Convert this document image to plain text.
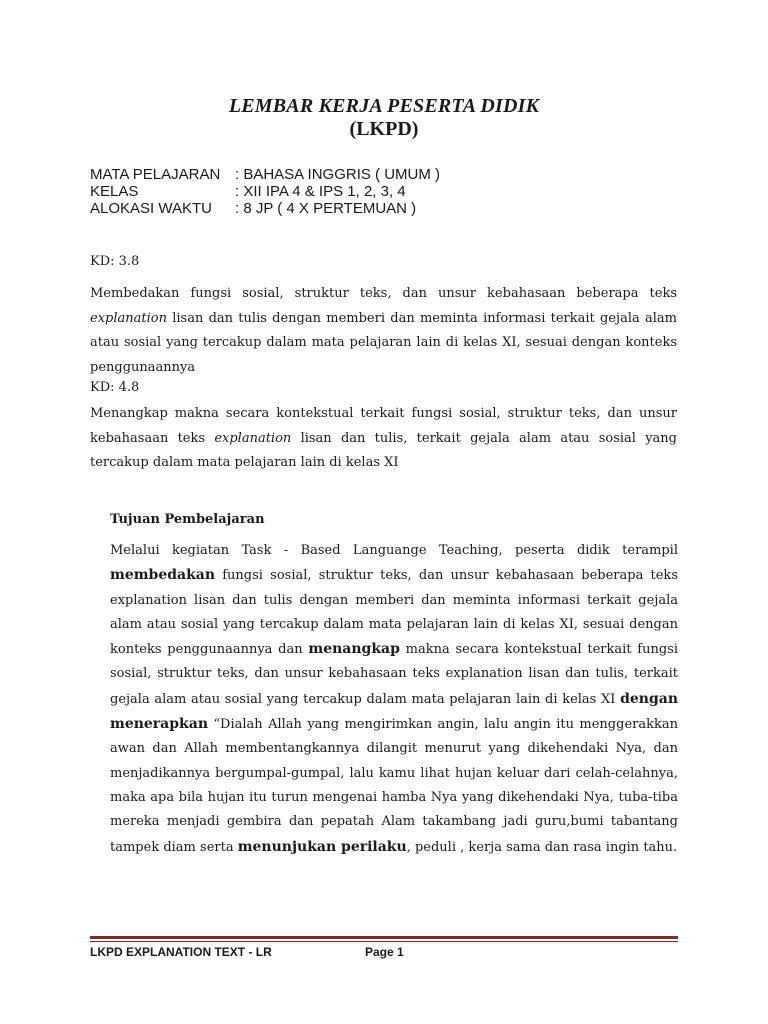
LEMBAR KERJA PESERTA DIDIK
(LKPD)
MATA PELAJARAN : BAHASA INGGRIS ( UMUM )
KELAS	: XII IPA 4 & IPS 1, 2, 3, 4
ALOKASI WAKTU	: 8 JP ( 4 X PERTEMUAN )
KD: 3.8
Membedakan fungsi sosial, struktur teks, dan unsur kebahasaan beberapa teks explanation lisan dan tulis dengan memberi dan meminta informasi terkait gejala alam atau sosial yang tercakup dalam mata pelajaran lain di kelas XI, sesuai dengan konteks penggunaannya
KD: 4.8
Menangkap makna secara kontekstual terkait fungsi sosial, struktur teks, dan unsur kebahasaan teks explanation lisan dan tulis, terkait gejala alam atau sosial yang tercakup dalam mata pelajaran lain di kelas XI
Tujuan Pembelajaran
Melalui kegiatan Task - Based Languange Teaching, peserta didik terampil membedakan fungsi sosial, struktur teks, dan unsur kebahasaan beberapa teks explanation lisan dan tulis dengan memberi dan meminta informasi terkait gejala alam atau sosial yang tercakup dalam mata pelajaran lain di kelas XI, sesuai dengan konteks penggunaannya dan menangkap makna secara kontekstual terkait fungsi sosial, struktur teks, dan unsur kebahasaan teks explanation lisan dan tulis, terkait gejala alam atau sosial yang tercakup dalam mata pelajaran lain di kelas XI dengan menerapkan “Dialah Allah yang mengirimkan angin, lalu angin itu menggerakkan awan dan Allah membentangkannya dilangit menurut yang dikehendaki Nya, dan menjadikannya bergumpal-gumpal, lalu kamu lihat hujan keluar dari celah-celahnya, maka apa bila hujan itu turun mengenai hamba Nya yang dikehendaki Nya, tuba-tiba mereka menjadi gembira dan pepatah Alam takambang jadi guru,bumi tabantang tampek diam serta menunjukan perilaku, peduli , kerja sama dan rasa ingin tahu.
LKPD EXPLANATION TEXT - LR	Page 1
